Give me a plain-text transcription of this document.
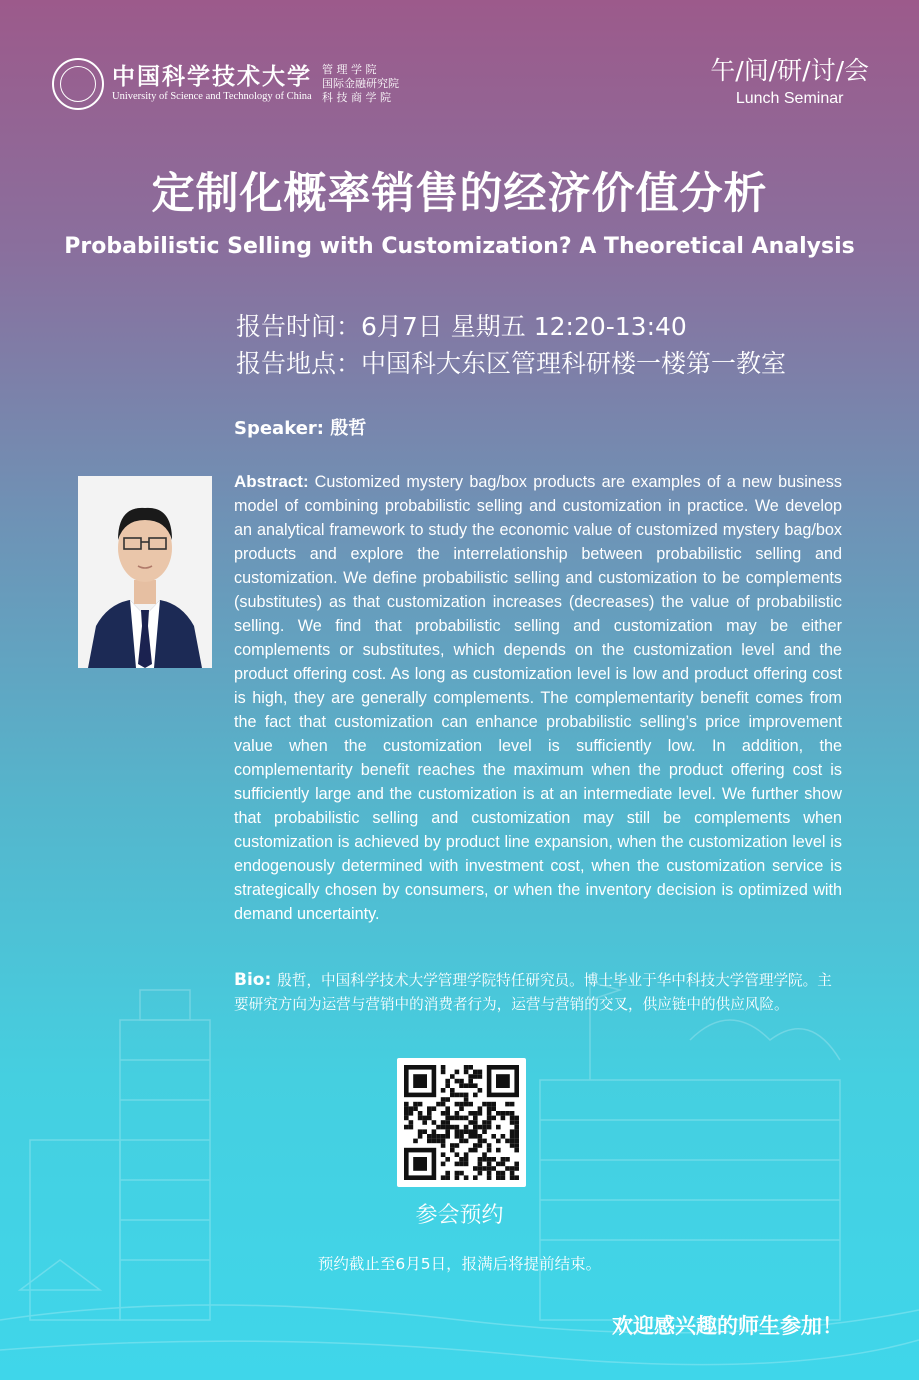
中国科学技术大学
University of Science and Technology of China
管 理 学 院
国际金融研究院
科 技 商 学 院
午/间/研/讨/会
Lunch Seminar
定制化概率销售的经济价值分析
Probabilistic Selling with Customization? A Theoretical Analysis
报告时间：6月7日 星期五 12:20-13:40
报告地点：中国科大东区管理科研楼一楼第一教室
Speaker: 殷哲
Abstract: Customized mystery bag/box products are examples of a new business model of combining probabilistic selling and customization in practice. We develop an analytical framework to study the economic value of customized mystery bag/box products and explore the interrelationship between probabilistic selling and customization. We define probabilistic selling and customization to be complements (substitutes) as that customization increases (decreases) the value of probabilistic selling. We find that probabilistic selling and customization may be either complements or substitutes, which depends on the customization level and the product offering cost. As long as customization level is low and product offering cost is high, they are generally complements. The complementarity benefit comes from the fact that customization can enhance probabilistic selling’s price improvement value when the customization level is sufficiently low. In addition, the complementarity benefit reaches the maximum when the product offering cost is sufficiently large and the customization is at an intermediate level. We further show that probabilistic selling and customization may still be complements when customization is achieved by product line expansion, when the customization level is endogenously determined with investment cost, when the customization service is strategically chosen by consumers, or when the inventory decision is optimized with demand uncertainty.
Bio: 殷哲，中国科学技术大学管理学院特任研究员。博士毕业于华中科技大学管理学院。主要研究方向为运营与营销中的消费者行为，运营与营销的交叉，供应链中的供应风险。
参会预约
预约截止至6月5日，报满后将提前结束。
欢迎感兴趣的师生参加！
